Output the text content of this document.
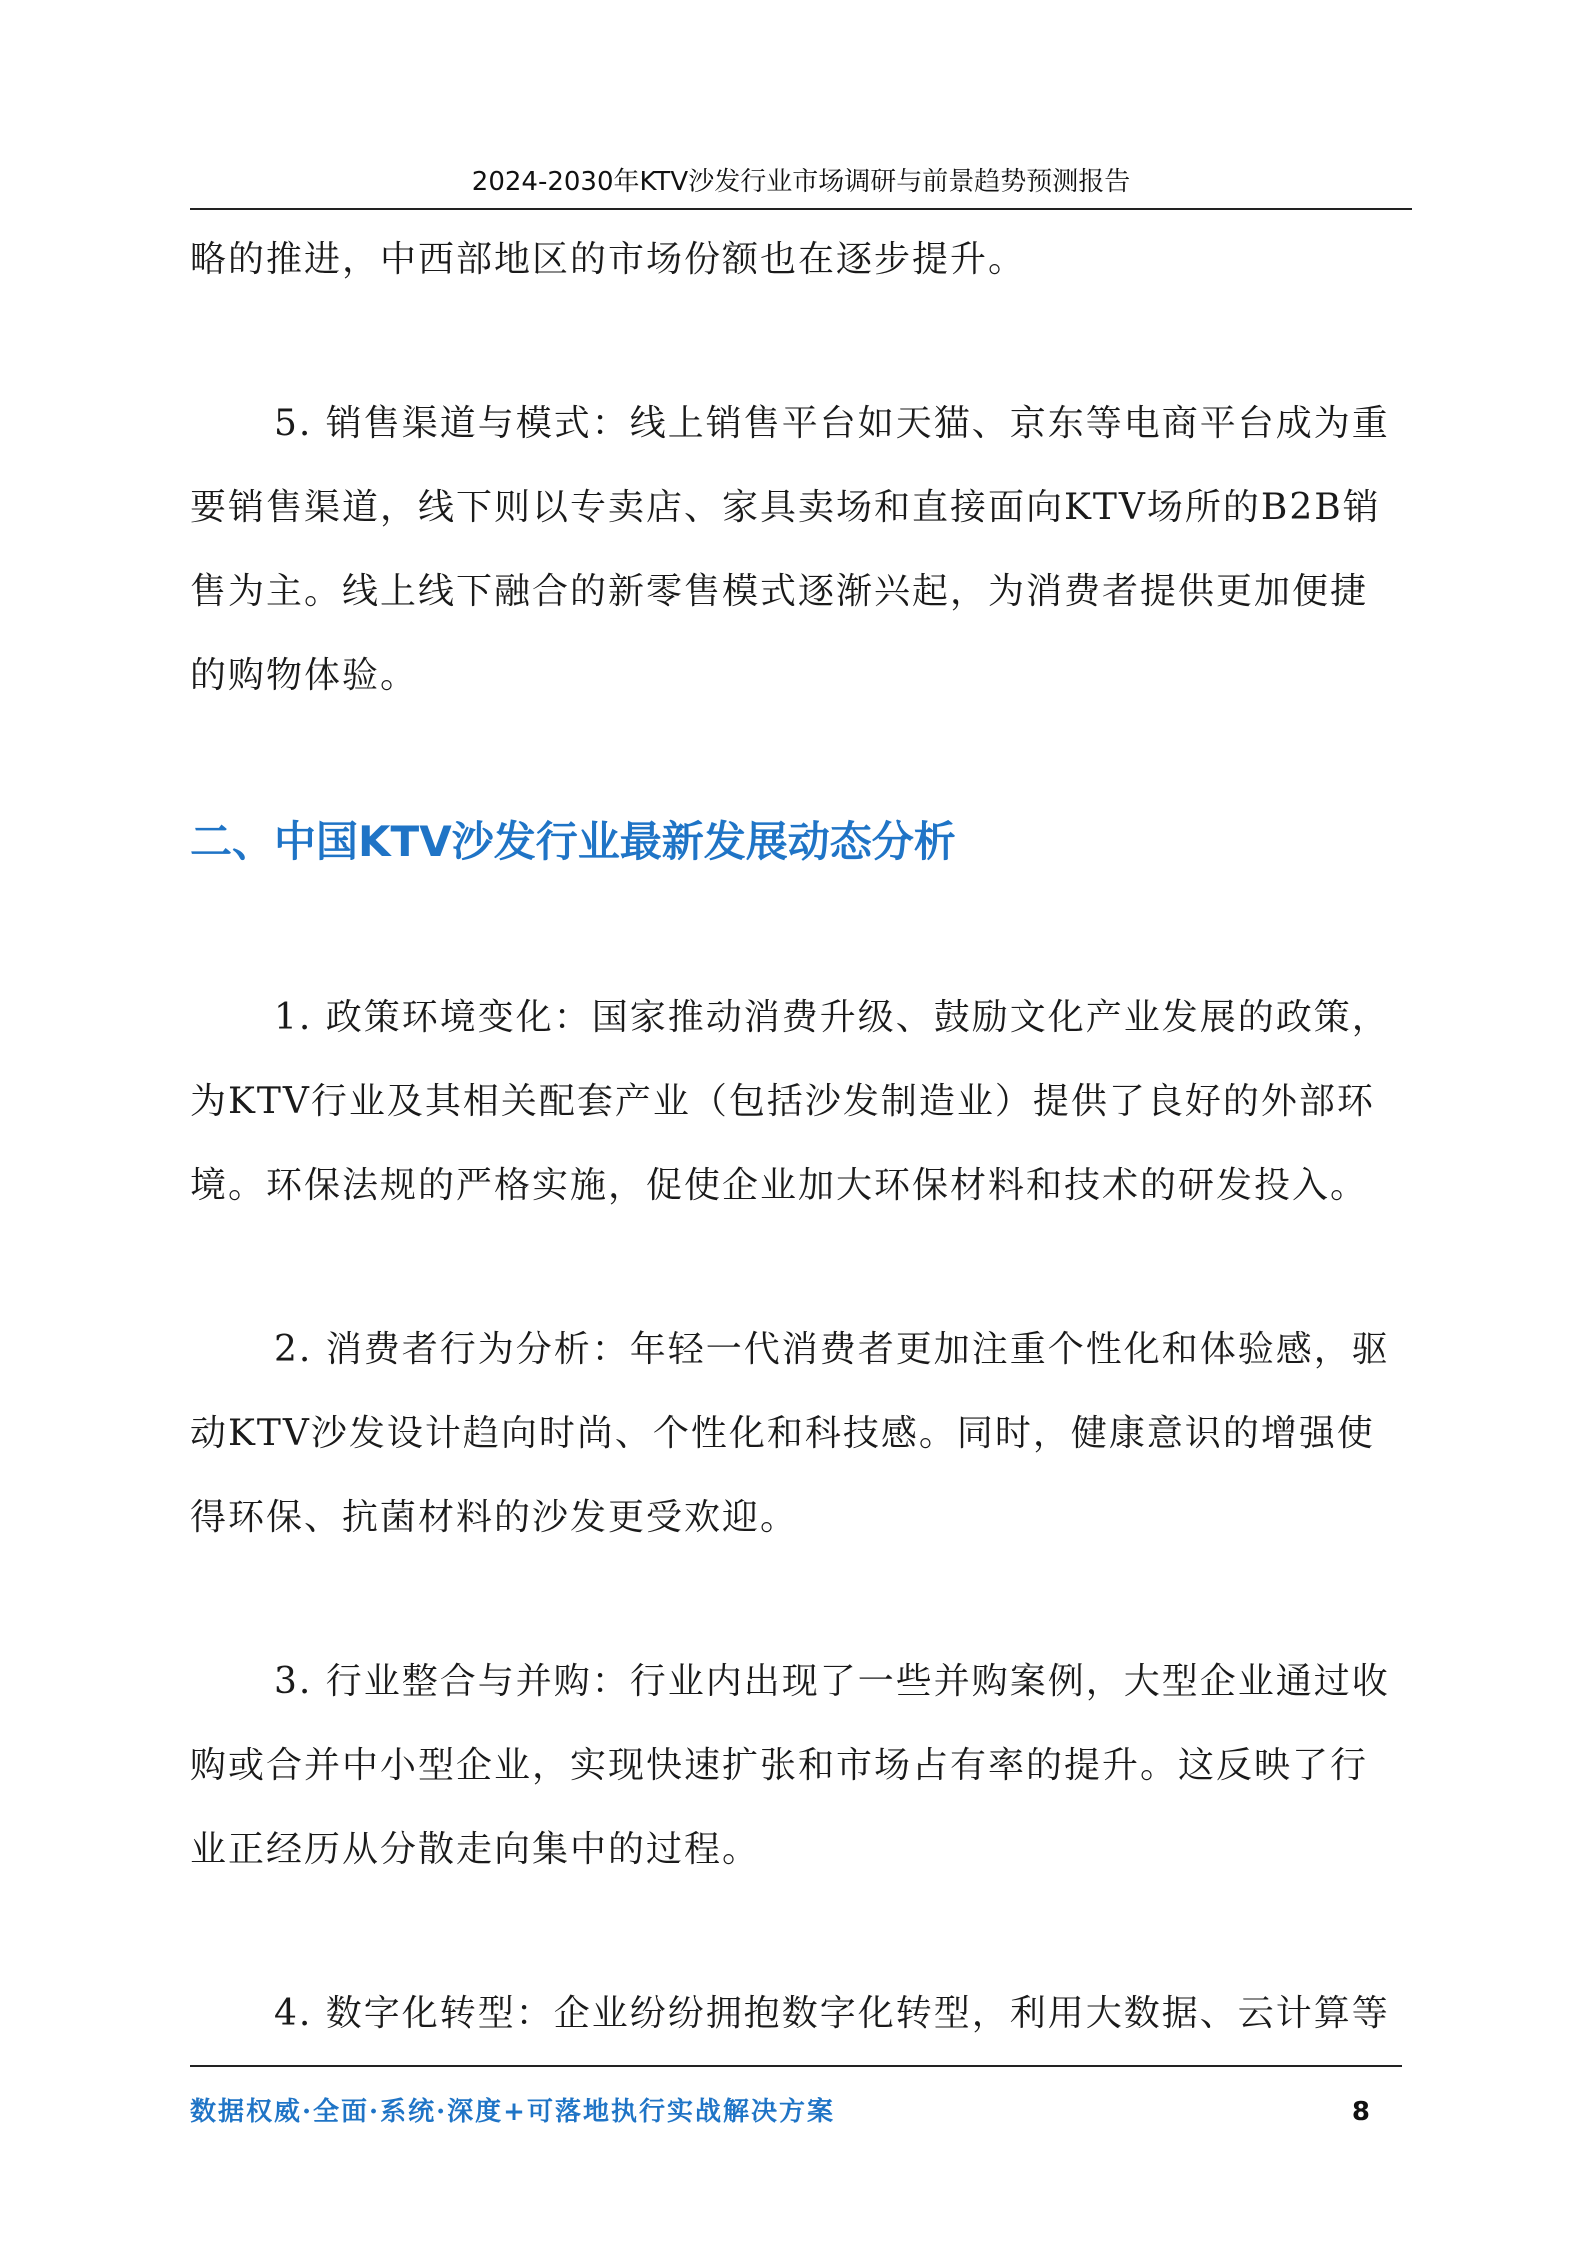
2024-2030年KTV沙发行业市场调研与前景趋势预测报告

略的推进，中西部地区的市场份额也在逐步提升。

5. 销售渠道与模式：线上销售平台如天猫、京东等电商平台成为重要销售渠道，线下则以专卖店、家具卖场和直接面向KTV场所的B2B销售为主。线上线下融合的新零售模式逐渐兴起，为消费者提供更加便捷的购物体验。

二、中国KTV沙发行业最新发展动态分析

1. 政策环境变化：国家推动消费升级、鼓励文化产业发展的政策，为KTV行业及其相关配套产业（包括沙发制造业）提供了良好的外部环境。环保法规的严格实施，促使企业加大环保材料和技术的研发投入。

2. 消费者行为分析：年轻一代消费者更加注重个性化和体验感，驱动KTV沙发设计趋向时尚、个性化和科技感。同时，健康意识的增强使得环保、抗菌材料的沙发更受欢迎。

3. 行业整合与并购：行业内出现了一些并购案例，大型企业通过收购或合并中小型企业，实现快速扩张和市场占有率的提升。这反映了行业正经历从分散走向集中的过程。

4. 数字化转型：企业纷纷拥抱数字化转型，利用大数据、云计算等

数据权威·全面·系统·深度+可落地执行实战解决方案	8
